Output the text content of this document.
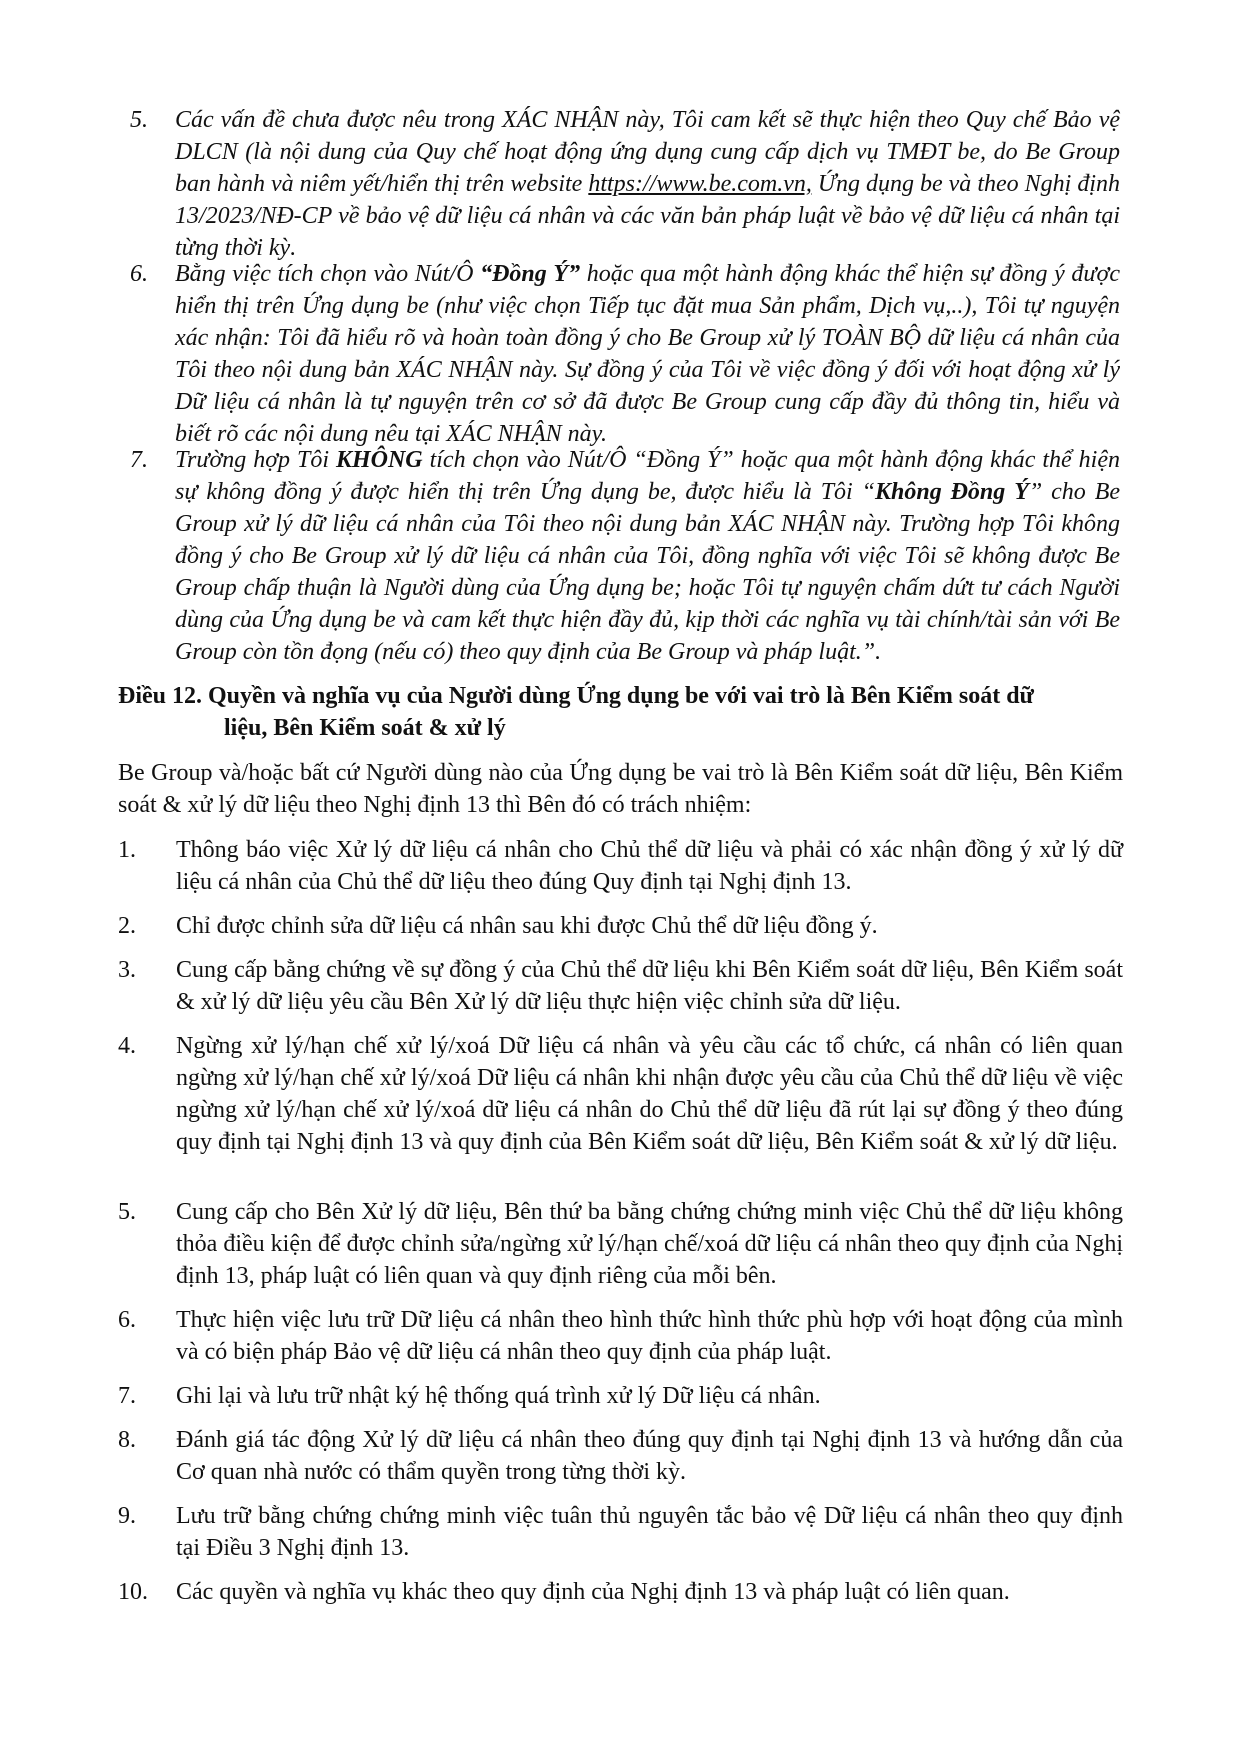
5. Các vấn đề chưa được nêu trong XÁC NHẬN này, Tôi cam kết sẽ thực hiện theo Quy chế Bảo vệ DLCN (là nội dung của Quy chế hoạt động ứng dụng cung cấp dịch vụ TMĐT be, do Be Group ban hành và niêm yết/hiển thị trên website https://www.be.com.vn, Ứng dụng be và theo Nghị định 13/2023/NĐ-CP về bảo vệ dữ liệu cá nhân và các văn bản pháp luật về bảo vệ dữ liệu cá nhân tại từng thời kỳ.
6. Bằng việc tích chọn vào Nút/Ô “Đồng Ý” hoặc qua một hành động khác thể hiện sự đồng ý được hiển thị trên Ứng dụng be (như việc chọn Tiếp tục đặt mua Sản phẩm, Dịch vụ,..), Tôi tự nguyện xác nhận: Tôi đã hiểu rõ và hoàn toàn đồng ý cho Be Group xử lý TOÀN BỘ dữ liệu cá nhân của Tôi theo nội dung bản XÁC NHẬN này. Sự đồng ý của Tôi về việc đồng ý đối với hoạt động xử lý Dữ liệu cá nhân là tự nguyện trên cơ sở đã được Be Group cung cấp đầy đủ thông tin, hiểu và biết rõ các nội dung nêu tại XÁC NHẬN này.
7. Trường hợp Tôi KHÔNG tích chọn vào Nút/Ô “Đồng Ý” hoặc qua một hành động khác thể hiện sự không đồng ý được hiển thị trên Ứng dụng be, được hiểu là Tôi “Không Đồng Ý” cho Be Group xử lý dữ liệu cá nhân của Tôi theo nội dung bản XÁC NHẬN này. Trường hợp Tôi không đồng ý cho Be Group xử lý dữ liệu cá nhân của Tôi, đồng nghĩa với việc Tôi sẽ không được Be Group chấp thuận là Người dùng của Ứng dụng be; hoặc Tôi tự nguyện chấm dứt tư cách Người dùng của Ứng dụng be và cam kết thực hiện đầy đủ, kịp thời các nghĩa vụ tài chính/tài sản với Be Group còn tồn đọng (nếu có) theo quy định của Be Group và pháp luật.”.
Điều 12. Quyền và nghĩa vụ của Người dùng Ứng dụng be với vai trò là Bên Kiểm soát dữ
liệu, Bên Kiểm soát & xử lý
Be Group và/hoặc bất cứ Người dùng nào của Ứng dụng be vai trò là Bên Kiểm soát dữ liệu, Bên Kiểm soát & xử lý dữ liệu theo Nghị định 13 thì Bên đó có trách nhiệm:
1. Thông báo việc Xử lý dữ liệu cá nhân cho Chủ thể dữ liệu và phải có xác nhận đồng ý xử lý dữ liệu cá nhân của Chủ thể dữ liệu theo đúng Quy định tại Nghị định 13.
2. Chỉ được chỉnh sửa dữ liệu cá nhân sau khi được Chủ thể dữ liệu đồng ý.
3. Cung cấp bằng chứng về sự đồng ý của Chủ thể dữ liệu khi Bên Kiểm soát dữ liệu, Bên Kiểm soát & xử lý dữ liệu yêu cầu Bên Xử lý dữ liệu thực hiện việc chỉnh sửa dữ liệu.
4. Ngừng xử lý/hạn chế xử lý/xoá Dữ liệu cá nhân và yêu cầu các tổ chức, cá nhân có liên quan ngừng xử lý/hạn chế xử lý/xoá Dữ liệu cá nhân khi nhận được yêu cầu của Chủ thể dữ liệu về việc ngừng xử lý/hạn chế xử lý/xoá dữ liệu cá nhân do Chủ thể dữ liệu đã rút lại sự đồng ý theo đúng quy định tại Nghị định 13 và quy định của Bên Kiểm soát dữ liệu, Bên Kiểm soát & xử lý dữ liệu.
5. Cung cấp cho Bên Xử lý dữ liệu, Bên thứ ba bằng chứng chứng minh việc Chủ thể dữ liệu không thỏa điều kiện để được chỉnh sửa/ngừng xử lý/hạn chế/xoá dữ liệu cá nhân theo quy định của Nghị định 13, pháp luật có liên quan và quy định riêng của mỗi bên.
6. Thực hiện việc lưu trữ Dữ liệu cá nhân theo hình thức hình thức phù hợp với hoạt động của mình và có biện pháp Bảo vệ dữ liệu cá nhân theo quy định của pháp luật.
7. Ghi lại và lưu trữ nhật ký hệ thống quá trình xử lý Dữ liệu cá nhân.
8. Đánh giá tác động Xử lý dữ liệu cá nhân theo đúng quy định tại Nghị định 13 và hướng dẫn của Cơ quan nhà nước có thẩm quyền trong từng thời kỳ.
9. Lưu trữ bằng chứng chứng minh việc tuân thủ nguyên tắc bảo vệ Dữ liệu cá nhân theo quy định tại Điều 3 Nghị định 13.
10. Các quyền và nghĩa vụ khác theo quy định của Nghị định 13 và pháp luật có liên quan.
